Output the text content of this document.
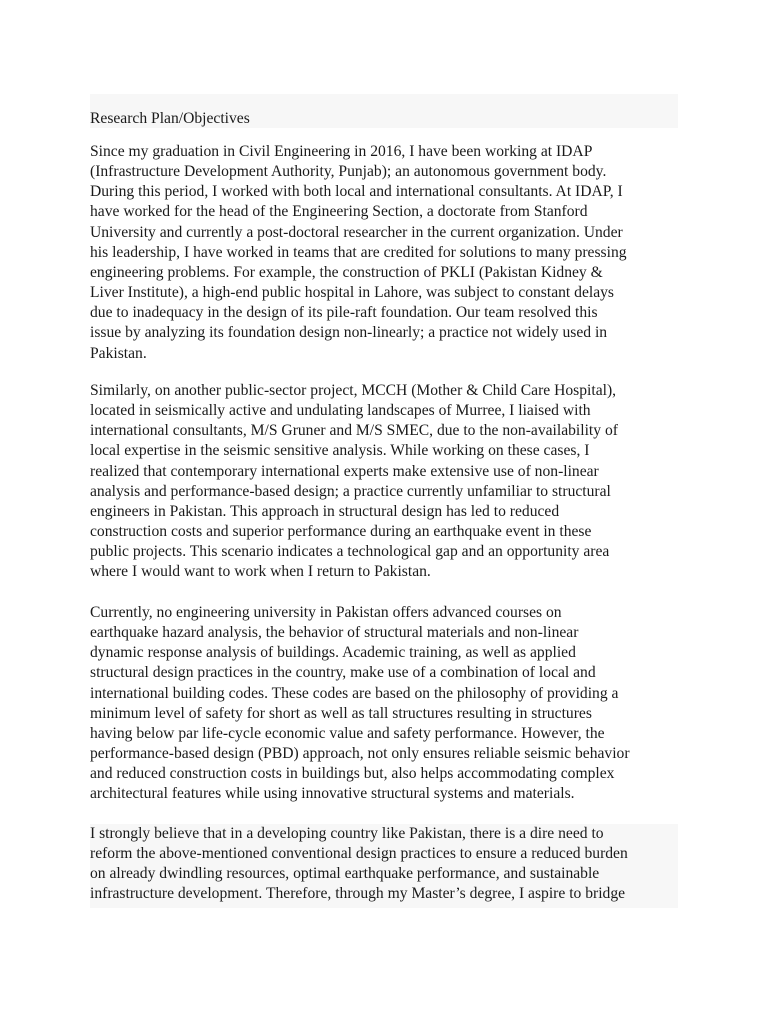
Research Plan/Objectives
Since my graduation in Civil Engineering in 2016, I have been working at IDAP
(Infrastructure Development Authority, Punjab); an autonomous government body.
During this period, I worked with both local and international consultants. At IDAP, I
have worked for the head of the Engineering Section, a doctorate from Stanford
University and currently a post-doctoral researcher in the current organization. Under
his leadership, I have worked in teams that are credited for solutions to many pressing
engineering problems. For example, the construction of PKLI (Pakistan Kidney &
Liver Institute), a high-end public hospital in Lahore, was subject to constant delays
due to inadequacy in the design of its pile-raft foundation. Our team resolved this
issue by analyzing its foundation design non-linearly; a practice not widely used in
Pakistan.
Similarly, on another public-sector project, MCCH (Mother & Child Care Hospital),
located in seismically active and undulating landscapes of Murree, I liaised with
international consultants, M/S Gruner and M/S SMEC, due to the non-availability of
local expertise in the seismic sensitive analysis. While working on these cases, I
realized that contemporary international experts make extensive use of non-linear
analysis and performance-based design; a practice currently unfamiliar to structural
engineers in Pakistan. This approach in structural design has led to reduced
construction costs and superior performance during an earthquake event in these
public projects. This scenario indicates a technological gap and an opportunity area
where I would want to work when I return to Pakistan.
Currently, no engineering university in Pakistan offers advanced courses on
earthquake hazard analysis, the behavior of structural materials and non-linear
dynamic response analysis of buildings. Academic training, as well as applied
structural design practices in the country, make use of a combination of local and
international building codes. These codes are based on the philosophy of providing a
minimum level of safety for short as well as tall structures resulting in structures
having below par life-cycle economic value and safety performance. However, the
performance-based design (PBD) approach, not only ensures reliable seismic behavior
and reduced construction costs in buildings but, also helps accommodating complex
architectural features while using innovative structural systems and materials.
I strongly believe that in a developing country like Pakistan, there is a dire need to
reform the above-mentioned conventional design practices to ensure a reduced burden
on already dwindling resources, optimal earthquake performance, and sustainable
infrastructure development. Therefore, through my Master’s degree, I aspire to bridge
